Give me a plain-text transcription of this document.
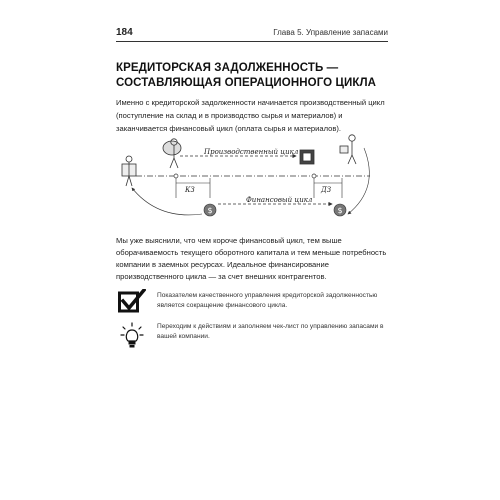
184	Глава 5. Управление запасами
КРЕДИТОРСКАЯ ЗАДОЛЖЕННОСТЬ —
СОСТАВЛЯЮЩАЯ ОПЕРАЦИОННОГО ЦИКЛА
Именно с кредиторской задолженности начинается производственный цикл (поступление на склад и в производство сырья и материалов) и заканчивается финансовый цикл (оплата сырья и материалов).
Производственный цикл
КЗ	ДЗ
Финансовый цикл
$	$
Мы уже выяснили, что чем короче финансовый цикл, тем выше оборачиваемость текущего оборотного капитала и тем меньше потребность компании в заемных ресурсах. Идеальное финансирование производственного цикла — за счет внешних контрагентов.
Показателем качественного управления кредиторской задолженностью является сокращение финансового цикла.
Переходим к действиям и заполняем чек-лист по управлению запасами в вашей компании.
